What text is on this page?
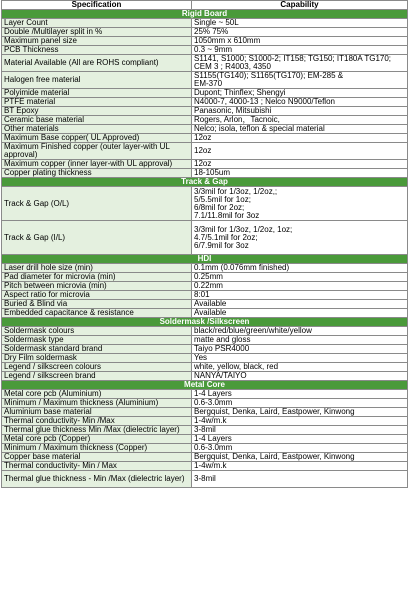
Specification	Capability
Rigid Board	
Layer Count	Single ~ 50L

Double /Multilayer split in %	25% 75%

Maximum panel size	1050mm x 610mm

PCB Thickness	0.3 ~ 9mm

Material Available (All are ROHS compliant)	S1141, S1000; S1000-2; IT158; TG150; IT180A TG170;
CEM 3 ; R4003, 4350

Halogen free material	S1155(TG140); S1165(TG170); EM-285 &
EM-370

Polyimide material	Dupont; Thinflex; Shengyi

PTFE material	N4000-7, 4000-13 ; Nelco N9000/Teflon

BT Epoxy	Panasonic, Mitsubishi

Ceramic base material	Rogers, Arlon，Tacnoic,

Other materials	Nelco; isola, teflon & special material

Maximum Base copper( UL Approved)	12oz

Maximum Finished copper (outer layer-with UL approval)	12oz

Maximum copper (inner layer-with UL approval)	12oz

Copper plating thickness	18-105um

Track & Gap	
Track & Gap (O/L)	3/3mil for 1/3oz, 1/2oz,;
5/5.5mil for 1oz;
6/8mil for 2oz;
7.1/11.8mil for 3oz

Track & Gap (I/L)	3/3mil for 1/3oz, 1/2oz, 1oz;
4.7/5.1mil for 2oz;
6/7.9mil for 3oz

HDI	
Laser drill hole size (min)	0.1mm (0.076mm finished)

Pad diameter for microvia (min)	0.25mm

Pitch between microvia (min)	0.22mm

Aspect ratio for microvia	8:01

Buried & Blind via	Available

Embedded capacitance & resistance	Available

Soldermask /Silkscreen	
Soldermask colours	black/red/blue/green/white/yellow

Soldermask type	matte and gloss

Soldermask standard brand	Taiyo PSR4000

Dry Film soldermask	Yes

Legend / silkscreen colours	white, yellow, black, red

Legend / silkscreen brand	NANYA/TAIYO

Metal Core	
Metal core pcb (Aluminium)	1-4 Layers

Minimum / Maximum thickness (Aluminium)	0.6-3.0mm

Aluminium base material	Bergquist, Denka, Laird, Eastpower, Kinwong

Thermal conductivity- Min /Max	1-4w/m.k

Thermal glue thickness Min /Max (dielectric layer)	3-8mil

Metal core pcb (Copper)	1-4 Layers

Minimum / Maximum thickness (Copper)	0.6-3.0mm

Copper base material	Bergquist, Denka, Laird, Eastpower, Kinwong

Thermal conductivity- Min / Max	1-4w/m.k

Thermal glue thickness - Min /Max (dielectric layer)	3-8mil
